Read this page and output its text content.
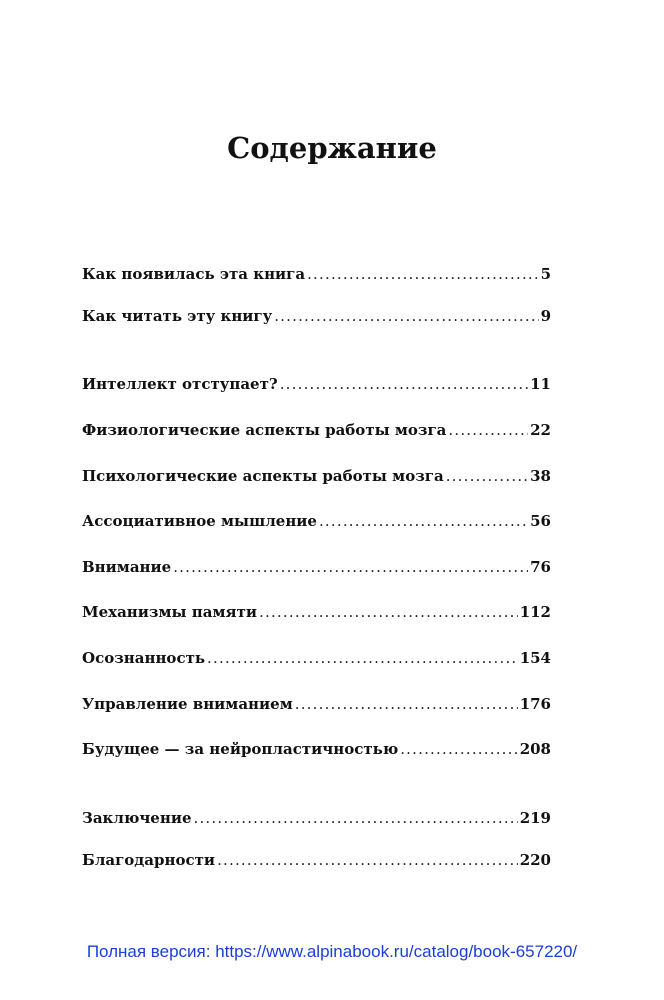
Содержание
Как появилась эта книга .....	5
Как читать эту книгу .....	9
Интеллект отступает? .....	11
Физиологические аспекты работы мозга .....	22
Психологические аспекты работы мозга .....	38
Ассоциативное мышление .....	56
Внимание .....	76
Механизмы памяти .....	112
Осознанность .....	154
Управление вниманием .....	176
Будущее — за нейропластичностью .....	208
Заключение .....	219
Благодарности .....	220
Полная версия: https://www.alpinabook.ru/catalog/book-657220/
